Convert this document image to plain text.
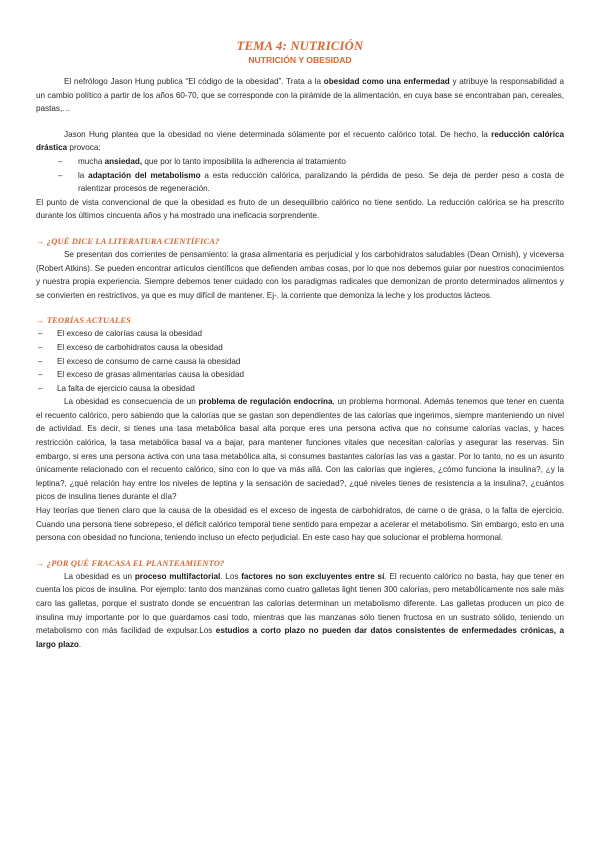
TEMA 4: NUTRICIÓN
NUTRICIÓN Y OBESIDAD

El nefrólogo Jason Hung publica “El código de la obesidad”. Trata a la obesidad como una enfermedad y atribuye la responsabilidad a un cambio político a partir de los años 60-70, que se corresponde con la pirámide de la alimentación, en cuya base se encontraban pan, cereales, pastas,…

Jason Hung plantea que la obesidad no viene determinada sólamente por el recuento calórico total. De hecho, la reducción calórica drástica provoca:

– mucha ansiedad, que por lo tanto imposibilita la adherencia al tratamiento
– la adaptación del metabolismo a esta reducción calórica, paralizando la pérdida de peso. Se deja de perder peso a costa de ralentizar procesos de regeneración.

El punto de vista convencional de que la obesidad es fruto de un desequilibrio calórico no tiene sentido. La reducción calórica se ha prescrito durante los últimos cincuenta años y ha mostrado una ineficacia sorprendente.

→ ¿QUÉ DICE LA LITERATURA CIENTÍFICA?

Se presentan dos corrientes de pensamiento: la grasa alimentaria es perjudicial y los carbohidratos saludables (Dean Ornish), y viceversa (Robert Atkins). Se pueden encontrar artículos científicos que defienden ambas cosas, por lo que nos debemos guiar por nuestros conocimientos y nuestra propia experiencia. Siempre debemos tener cuidado con los paradigmas radicales que demonizan de pronto determinados alimentos y se convierten en restrictivos, ya que es muy difícil de mantener. Ej-. la corriente que demoniza la leche y los productos lácteos.

→ TEORÍAS ACTUALES
– El exceso de calorías causa la obesidad
– El exceso de carbohidratos causa la obesidad
– El exceso de consumo de carne causa la obesidad
– El exceso de grasas alimentarias causa la obesidad
– La falta de ejercicio causa la obesidad

La obesidad es consecuencia de un problema de regulación endocrina, un problema hormonal. Además tenemos que tener en cuenta el recuento calórico, pero sabiendo que la calorías que se gastan son dependientes de las calorías que ingerimos, siempre manteniendo un nivel de actividad. Es decir, si tienes una tasa metabólica basal alta porque eres una persona activa que no consume calorías vacías, y haces restricción calórica, la tasa metabólica basal va a bajar, para mantener funciones vitales que necesitan calorías y asegurar las reservas. Sin embargo, si eres una persona activa con una tasa metabólica alta, si consumes bastantes calorías las vas a gastar. Por lo tanto, no es un asunto únicamente relacionado con el recuento calórico, sino con lo que va más allá. Con las calorías que ingieres, ¿cómo funciona la insulina?, ¿y la leptina?, ¿qué relación hay entre los niveles de leptina y la sensación de saciedad?, ¿qué niveles tienes de resistencia a la insulina?, ¿cuántos picos de insulina tienes durante el día?

Hay teorías que tienen claro que la causa de la obesidad es el exceso de ingesta de carbohidratos, de carne o de grasa, o la falta de ejercicio. Cuando una persona tiene sobrepeso, el déficit calórico temporal tiene sentido para empezar a acelerar el metabolismo. Sin embargo, esto en una persona con obesidad no funciona, teniendo incluso un efecto perjudicial. En este caso hay que solucionar el problema hormonal.

→ ¿POR QUÉ FRACASA EL PLANTEAMIENTO?

La obesidad es un proceso multifactorial. Los factores no son excluyentes entre sí. El recuento calórico no basta, hay que tener en cuenta los picos de insulina. Por ejemplo: tanto dos manzanas como cuatro galletas light tienen 300 calorías, pero metabólicamente nos sale más caro las galletas, porque el sustrato donde se encuentran las calorías determinan un metabolismo diferente. Las galletas producen un pico de insulina muy importante por lo que guardamos casi todo, mientras que las manzanas sólo tienen fructosa en un sustrato sólido, teniendo un metabolismo con más facilidad de expulsar.Los estudios a corto plazo no pueden dar datos consistentes de enfermedades crónicas, a largo plazo.
